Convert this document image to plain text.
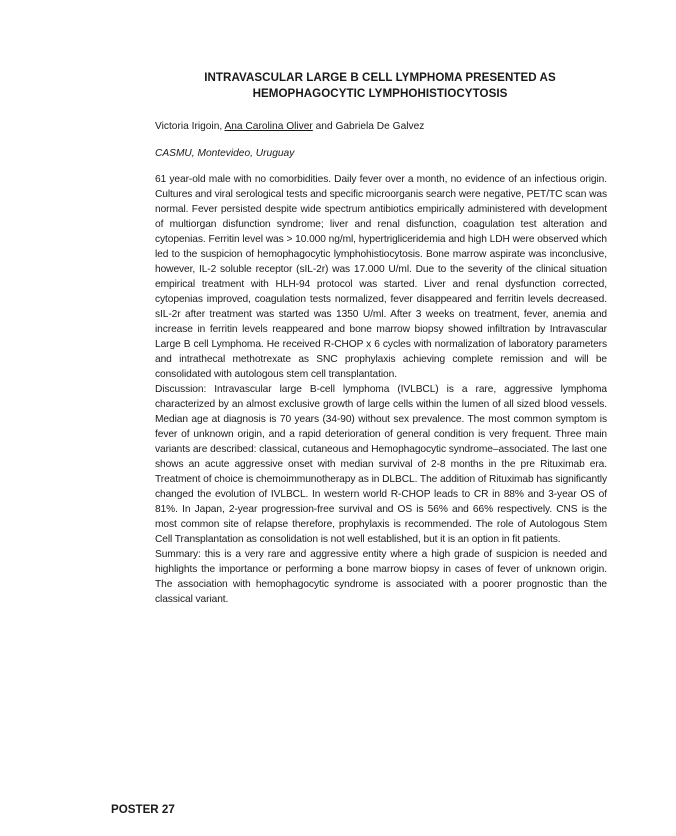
INTRAVASCULAR LARGE B CELL LYMPHOMA PRESENTED AS
HEMOPHAGOCYTIC LYMPHOHISTIOCYTOSIS
Victoria Irigoin, Ana Carolina Oliver and Gabriela De Galvez
CASMU, Montevideo, Uruguay

61 year-old male with no comorbidities. Daily fever over a month, no evidence of an infectious origin. Cultures and viral serological tests and specific microorganis search were negative, PET/TC scan was normal. Fever persisted despite wide spectrum antibiotics empirically administered with development of multiorgan disfunction syndrome; liver and renal disfunction, coagulation test alteration and cytopenias. Ferritin level was > 10.000 ng/ml, hypertrigliceridemia and high LDH were observed which led to the suspicion of hemophagocytic lymphohistiocytosis. Bone marrow aspirate was inconclusive, however, IL-2 soluble receptor (sIL-2r) was 17.000 U/ml. Due to the severity of the clinical situation empirical treatment with HLH-94 protocol was started. Liver and renal dysfunction corrected, cytopenias improved, coagulation tests normalized, fever disappeared and ferritin levels decreased. sIL-2r after treatment was started was 1350 U/ml. After 3 weeks on treatment, fever, anemia and increase in ferritin levels reappeared and bone marrow biopsy showed infiltration by Intravascular Large B cell Lymphoma. He received R-CHOP x 6 cycles with normalization of laboratory parameters and intrathecal methotrexate as SNC prophylaxis achieving complete remission and will be consolidated with autologous stem cell transplantation.

Discussion: Intravascular large B-cell lymphoma (IVLBCL) is a rare, aggressive lymphoma characterized by an almost exclusive growth of large cells within the lumen of all sized blood vessels. Median age at diagnosis is 70 years (34-90) without sex prevalence. The most common symptom is fever of unknown origin, and a rapid deterioration of general condition is very frequent. Three main variants are described: classical, cutaneous and Hemophagocytic syndrome–associated. The last one shows an acute aggressive onset with median survival of 2-8 months in the pre Rituximab era. Treatment of choice is chemoimmunotherapy as in DLBCL. The addition of Rituximab has significantly changed the evolution of IVLBCL. In western world R-CHOP leads to CR in 88% and 3-year OS of 81%. In Japan, 2-year progression-free survival and OS is 56% and 66% respectively. CNS is the most common site of relapse therefore, prophylaxis is recommended. The role of Autologous Stem Cell Transplantation as consolidation is not well established, but it is an option in fit patients.

Summary: this is a very rare and aggressive entity where a high grade of suspicion is needed and highlights the importance or performing a bone marrow biopsy in cases of fever of unknown origin. The association with hemophagocytic syndrome is associated with a poorer prognostic than the classical variant.

POSTER 27
